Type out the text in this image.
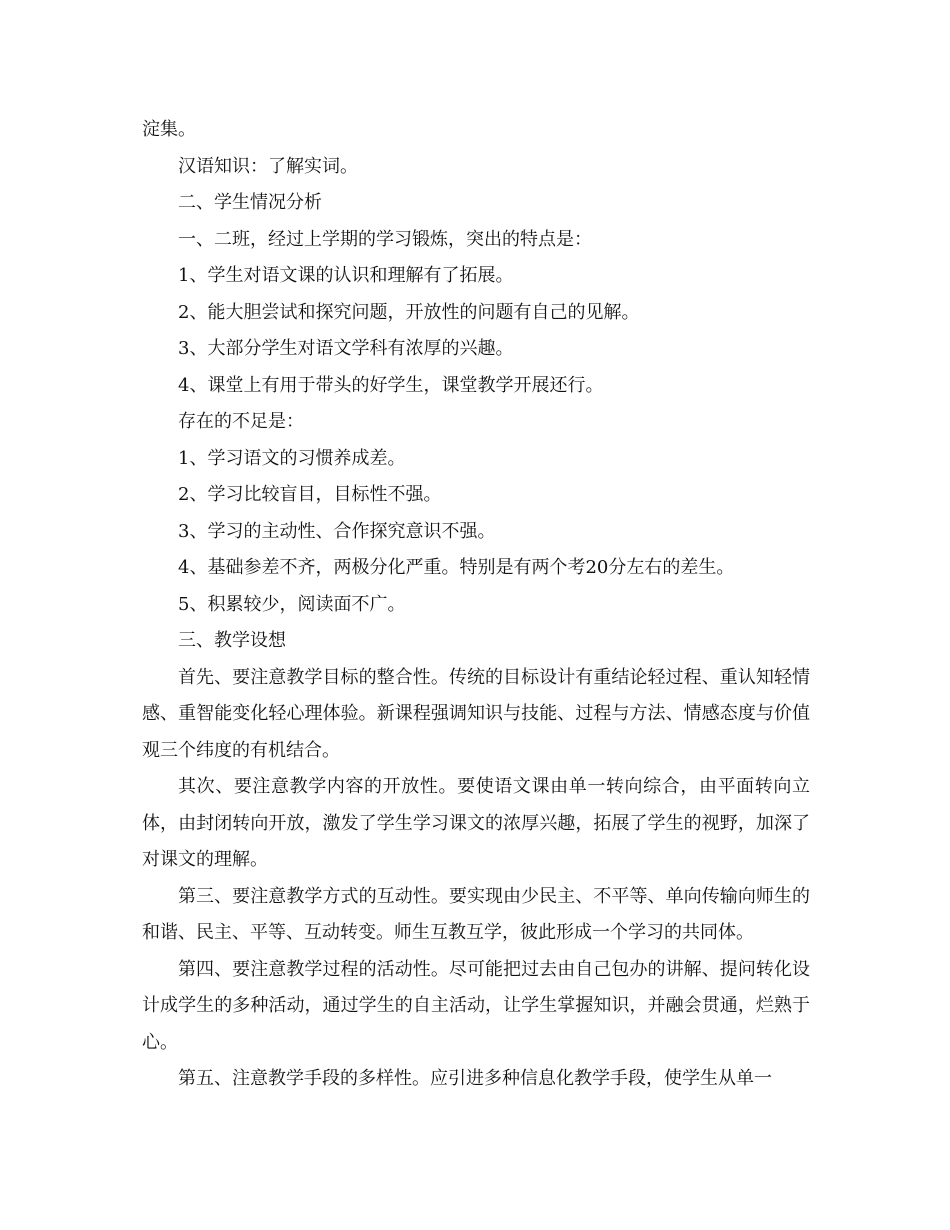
淀集。
汉语知识：了解实词。
二、学生情况分析
一、二班，经过上学期的学习锻炼，突出的特点是：
1、学生对语文课的认识和理解有了拓展。
2、能大胆尝试和探究问题，开放性的问题有自己的见解。
3、大部分学生对语文学科有浓厚的兴趣。
4、课堂上有用于带头的好学生，课堂教学开展还行。
存在的不足是：
1、学习语文的习惯养成差。
2、学习比较盲目，目标性不强。
3、学习的主动性、合作探究意识不强。
4、基础参差不齐，两极分化严重。特别是有两个考20分左右的差生。
5、积累较少，阅读面不广。
三、教学设想
首先、要注意教学目标的整合性。传统的目标设计有重结论轻过程、重认知轻情感、重智能变化轻心理体验。新课程强调知识与技能、过程与方法、情感态度与价值观三个纬度的有机结合。
其次、要注意教学内容的开放性。要使语文课由单一转向综合，由平面转向立体，由封闭转向开放，激发了学生学习课文的浓厚兴趣，拓展了学生的视野，加深了对课文的理解。
第三、要注意教学方式的互动性。要实现由少民主、不平等、单向传输向师生的和谐、民主、平等、互动转变。师生互教互学，彼此形成一个学习的共同体。
第四、要注意教学过程的活动性。尽可能把过去由自己包办的讲解、提问转化设计成学生的多种活动，通过学生的自主活动，让学生掌握知识，并融会贯通，烂熟于心。
第五、注意教学手段的多样性。应引进多种信息化教学手段，使学生从单一
